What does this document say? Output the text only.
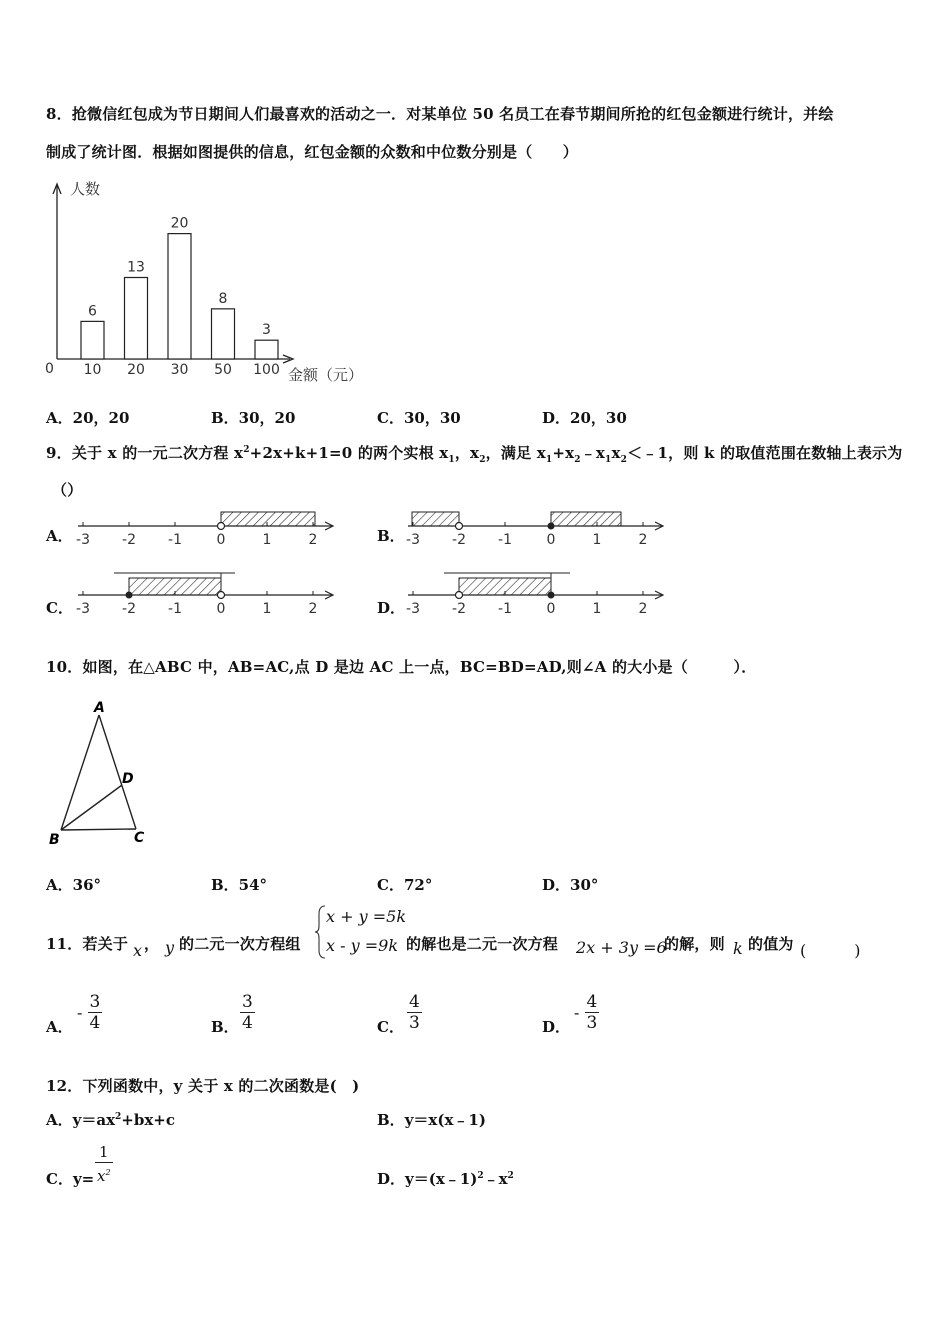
8．抢微信红包成为节日期间人们最喜欢的活动之一．对某单位 50 名员工在春节期间所抢的红包金额进行统计，并绘
制成了统计图．根据如图提供的信息，红包金额的众数和中位数分别是（　　）
6
10
13
20
20
30
8
50
3
100
人数
金额（元）
0
A．20，20	B．30，20	C．30，30	D．20，30
9．关于 x 的一元二次方程 $x^2+2x+k+1=0$ 的两个实根 $x_1$，$x_2$，满足 $x_1+x_2﹣x_1x_2<﹣1$，则 k 的取值范围在数轴上表示为
（）
A． -3 -2 -1 0	1	2	B． -3 -2 -1 0	1	2
C． -3 -2 -1 0	1	2	D． -3 -2 -1 0	1	2
10．如图，在△ABC 中，AB=AC,点 D 是边 AC 上一点，BC=BD=AD,则∠A 的大小是（　　　）．
A
D
B	C
A．36°	B．54°	C．72°	D．30°
11．若关于 x ， y 的二元一次方程组
x + y =5k
x - y =9k 的解也是二元一次方程 2x + 3y =6
的解，则 k 的值为 (　　　)
A．
- $\frac{3}{4}$	B． $\frac{3}{4}$	C． $\frac{4}{3}$	D．
- $\frac{4}{3}$
12．下列函数中，y 关于 x 的二次函数是(　)
A．$y=ax^2+bx+c$	B．y＝x(x﹣1)
C．$y= \frac{1}{x^2}$	D．$y=(x﹣1)^2﹣x^2$
